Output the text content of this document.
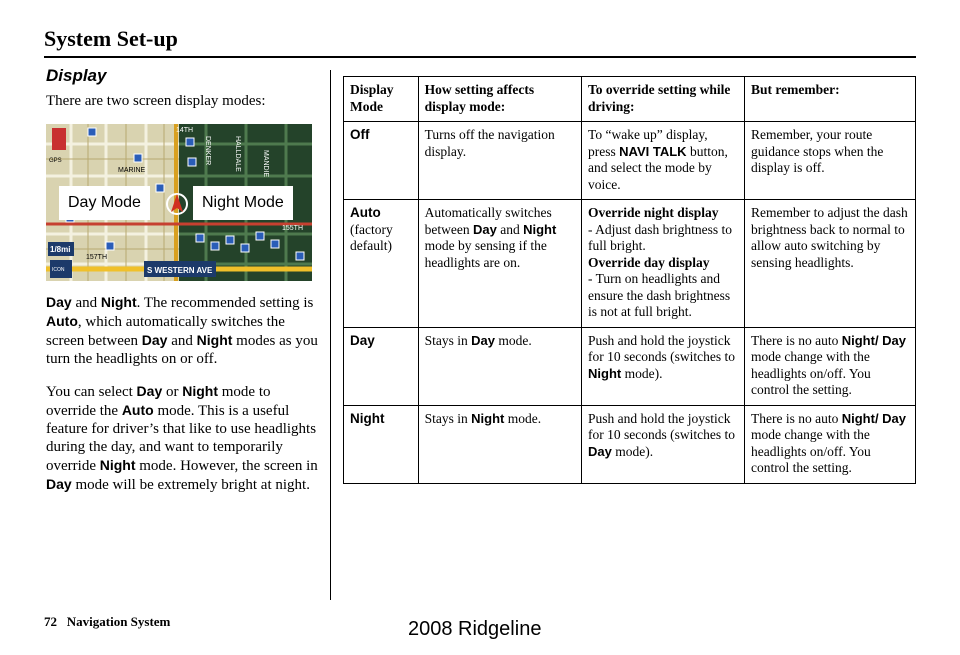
System Set-up
Display
There are two screen display modes:
14TH
MARINE
DENKER	HALLDALE	MANDIE
155TH
157TH
S WESTERN AVE
1/8mi
ICON
GPS
Day Mode	Night Mode
Day and Night. The recommended setting is Auto, which automatically switches the screen between Day and Night modes as you turn the headlights on or off.
You can select Day or Night mode to override the Auto mode. This is a useful feature for driver’s that like to use headlights during the day, and want to temporarily override Night mode. However, the screen in Day mode will be extremely bright at night.
Display Mode	How setting affects display mode:	To override setting while driving:	But remember:
Off	Turns off the navigation display.	To “wake up” display, press NAVI TALK button, and select the mode by voice.	Remember, your route guidance stops when the display is off.
Auto
(factory default)	Automatically switches between Day and Night mode by sensing if the headlights are on.	Override night display
- Adjust dash brightness to full bright.
Override day display
- Turn on headlights and ensure the dash brightness is not at full bright.	Remember to adjust the dash brightness back to normal to allow auto switching by sensing headlights.
Day	Stays in Day mode.	Push and hold the joystick for 10 seconds (switches to Night mode).	There is no auto Night/ Day mode change with the headlights on/off. You control the setting.
Night	Stays in Night mode.	Push and hold the joystick for 10 seconds (switches to Day mode).	There is no auto Night/ Day mode change with the headlights on/off. You control the setting.
72 Navigation System	2008 Ridgeline
